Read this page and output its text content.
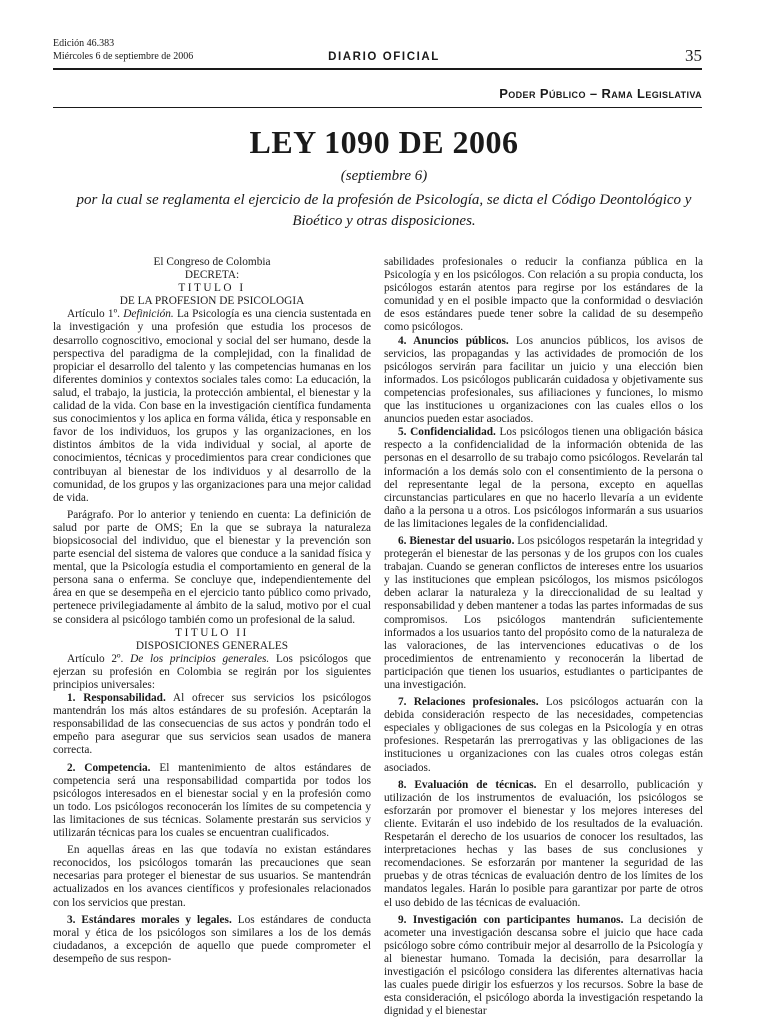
Edición 46.383
Miércoles 6 de septiembre de 2006	DIARIO OFICIAL	35
Poder Público – Rama Legislativa
LEY 1090 DE 2006
(septiembre 6)
por la cual se reglamenta el ejercicio de la profesión de Psicología, se dicta el Código Deontológico y Bioético y otras disposiciones.

El Congreso de Colombia

DECRETA:

TITULO I

DE LA PROFESION DE PSICOLOGIA

Artículo 1º. Definición. La Psicología es una ciencia sustentada en la investigación y una profesión que estudia los procesos de desarrollo cognoscitivo, emocional y social del ser humano, desde la perspectiva del paradigma de la complejidad, con la finalidad de propiciar el desarrollo del talento y las competencias humanas en los diferentes dominios y contextos sociales tales como: La educación, la salud, el trabajo, la justicia, la protección ambiental, el bienestar y la calidad de la vida. Con base en la investigación científica fundamenta sus conocimientos y los aplica en forma válida, ética y responsable en favor de los individuos, los grupos y las organizaciones, en los distintos ámbitos de la vida individual y social, al aporte de conocimientos, técnicas y procedimientos para crear condiciones que contribuyan al bienestar de los individuos y al desarrollo de la comunidad, de los grupos y las organizaciones para una mejor calidad de vida.

Parágrafo. Por lo anterior y teniendo en cuenta: La definición de salud por parte de OMS; En la que se subraya la naturaleza biopsicosocial del individuo, que el bienestar y la prevención son parte esencial del sistema de valores que conduce a la sanidad física y mental, que la Psicología estudia el comportamiento en general de la persona sana o enferma. Se concluye que, independientemente del área en que se desempeña en el ejercicio tanto público como privado, pertenece privilegiadamente al ámbito de la salud, motivo por el cual se considera al psicólogo también como un profesional de la salud.

TITULO II

DISPOSICIONES GENERALES

Artículo 2º. De los principios generales. Los psicólogos que ejerzan su profesión en Colombia se regirán por los siguientes principios universales:

1. Responsabilidad. Al ofrecer sus servicios los psicólogos mantendrán los más altos estándares de su profesión. Aceptarán la responsabilidad de las consecuencias de sus actos y pondrán todo el empeño para asegurar que sus servicios sean usados de manera correcta.

2. Competencia. El mantenimiento de altos estándares de competencia será una responsabilidad compartida por todos los psicólogos interesados en el bienestar social y en la profesión como un todo. Los psicólogos reconocerán los límites de su competencia y las limitaciones de sus técnicas. Solamente prestarán sus servicios y utilizarán técnicas para los cuales se encuentran cualificados.

En aquellas áreas en las que todavía no existan estándares reconocidos, los psicólogos tomarán las precauciones que sean necesarias para proteger el bienestar de sus usuarios. Se mantendrán actualizados en los avances científicos y profesionales relacionados con los servicios que prestan.

3. Estándares morales y legales. Los estándares de conducta moral y ética de los psicólogos son similares a los de los demás ciudadanos, a excepción de aquello que puede comprometer el desempeño de sus respon-

sabilidades profesionales o reducir la confianza pública en la Psicología y en los psicólogos. Con relación a su propia conducta, los psicólogos estarán atentos para regirse por los estándares de la comunidad y en el posible impacto que la conformidad o desviación de esos estándares puede tener sobre la calidad de su desempeño como psicólogos.

4. Anuncios públicos. Los anuncios públicos, los avisos de servicios, las propagandas y las actividades de promoción de los psicólogos servirán para facilitar un juicio y una elección bien informados. Los psicólogos publicarán cuidadosa y objetivamente sus competencias profesionales, sus afiliaciones y funciones, lo mismo que las instituciones u organizaciones con las cuales ellos o los anuncios pueden estar asociados.

5. Confidencialidad. Los psicólogos tienen una obligación básica respecto a la confidencialidad de la información obtenida de las personas en el desarrollo de su trabajo como psicólogos. Revelarán tal información a los demás solo con el consentimiento de la persona o del representante legal de la persona, excepto en aquellas circunstancias particulares en que no hacerlo llevaría a un evidente daño a la persona u a otros. Los psicólogos informarán a sus usuarios de las limitaciones legales de la confidencialidad.

6. Bienestar del usuario. Los psicólogos respetarán la integridad y protegerán el bienestar de las personas y de los grupos con los cuales trabajan. Cuando se generan conflictos de intereses entre los usuarios y las instituciones que emplean psicólogos, los mismos psicólogos deben aclarar la naturaleza y la direccionalidad de su lealtad y responsabilidad y deben mantener a todas las partes informadas de sus compromisos. Los psicólogos mantendrán suficientemente informados a los usuarios tanto del propósito como de la naturaleza de las valoraciones, de las intervenciones educativas o de los procedimientos de entrenamiento y reconocerán la libertad de participación que tienen los usuarios, estudiantes o participantes de una investigación.

7. Relaciones profesionales. Los psicólogos actuarán con la debida consideración respecto de las necesidades, competencias especiales y obligaciones de sus colegas en la Psicología y en otras profesiones. Respetarán las prerrogativas y las obligaciones de las instituciones u organizaciones con las cuales otros colegas están asociados.

8. Evaluación de técnicas. En el desarrollo, publicación y utilización de los instrumentos de evaluación, los psicólogos se esforzarán por promover el bienestar y los mejores intereses del cliente. Evitarán el uso indebido de los resultados de la evaluación. Respetarán el derecho de los usuarios de conocer los resultados, las interpretaciones hechas y las bases de sus conclusiones y recomendaciones. Se esforzarán por mantener la seguridad de las pruebas y de otras técnicas de evaluación dentro de los límites de los mandatos legales. Harán lo posible para garantizar por parte de otros el uso debido de las técnicas de evaluación.

9. Investigación con participantes humanos. La decisión de acometer una investigación descansa sobre el juicio que hace cada psicólogo sobre cómo contribuir mejor al desarrollo de la Psicología y al bienestar humano. Tomada la decisión, para desarrollar la investigación el psicólogo considera las diferentes alternativas hacia las cuales puede dirigir los esfuerzos y los recursos. Sobre la base de esta consideración, el psicólogo aborda la investigación respetando la dignidad y el bienestar
